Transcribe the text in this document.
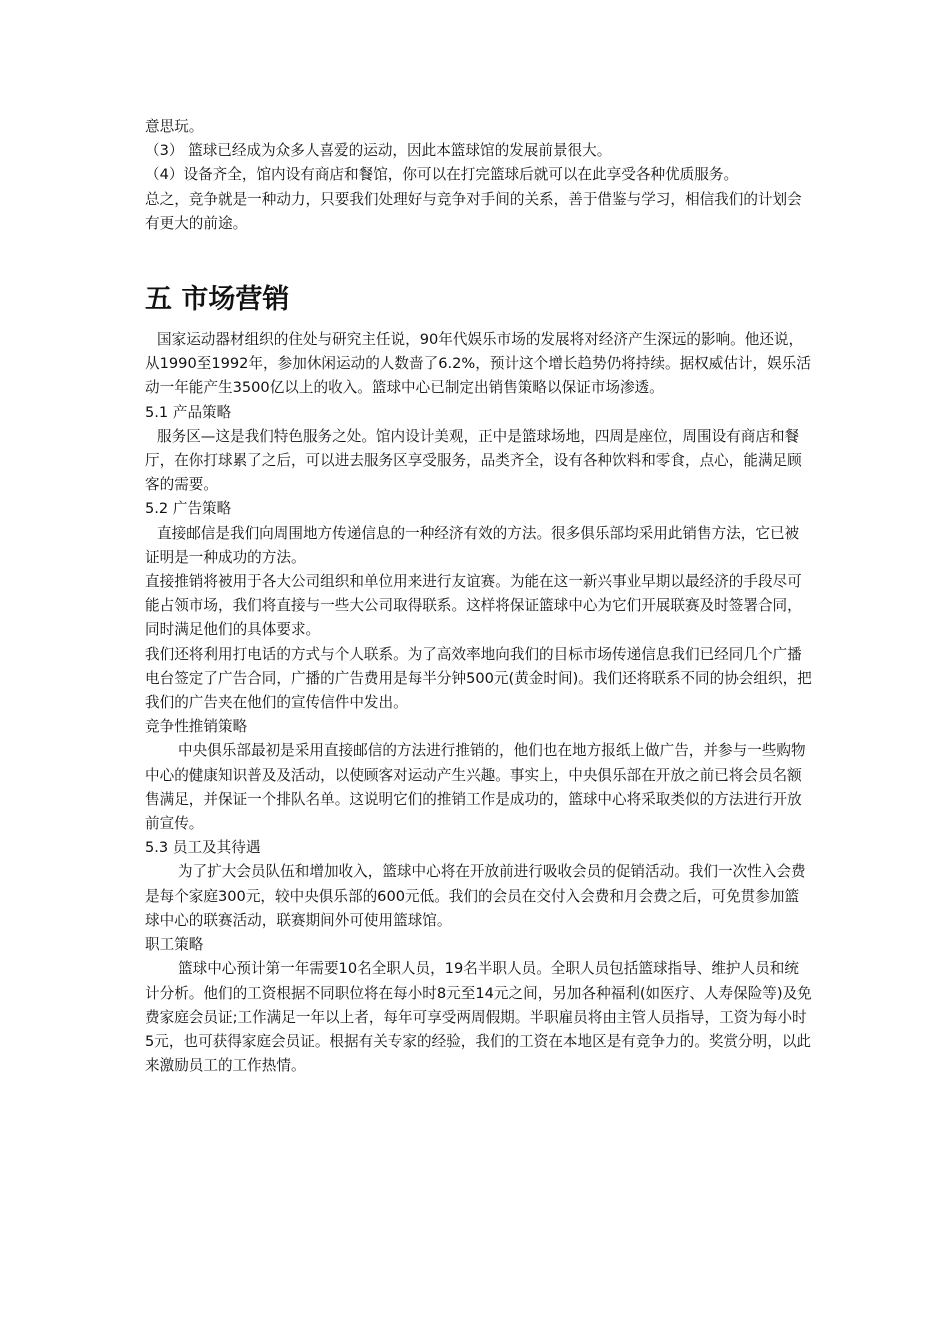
意思玩。

（3） 篮球已经成为众多人喜爱的运动，因此本篮球馆的发展前景很大。

（4）设备齐全，馆内设有商店和餐馆，你可以在打完篮球后就可以在此享受各种优质服务。

总之，竞争就是一种动力，只要我们处理好与竞争对手间的关系，善于借鉴与学习，相信我们的计划会有更大的前途。

五 市场营销

国家运动器材组织的住处与研究主任说，90年代娱乐市场的发展将对经济产生深远的影响。他还说，从1990至1992年，参加休闲运动的人数啬了6.2%，预计这个增长趋势仍将持续。据权威估计，娱乐活动一年能产生3500亿以上的收入。篮球中心已制定出销售策略以保证市场渗透。

5.1 产品策略

服务区—这是我们特色服务之处。馆内设计美观，正中是篮球场地，四周是座位，周围设有商店和餐厅，在你打球累了之后，可以进去服务区享受服务，品类齐全，设有各种饮料和零食，点心，能满足顾客的需要。

5.2 广告策略

直接邮信是我们向周围地方传递信息的一种经济有效的方法。很多俱乐部均采用此销售方法，它已被证明是一种成功的方法。

直接推销将被用于各大公司组织和单位用来进行友谊赛。为能在这一新兴事业早期以最经济的手段尽可能占领市场，我们将直接与一些大公司取得联系。这样将保证篮球中心为它们开展联赛及时签署合同，同时满足他们的具体要求。

我们还将利用打电话的方式与个人联系。为了高效率地向我们的目标市场传递信息我们已经同几个广播电台签定了广告合同，广播的广告费用是每半分钟500元(黄金时间)。我们还将联系不同的协会组织，把我们的广告夹在他们的宣传信件中发出。

竞争性推销策略

中央俱乐部最初是采用直接邮信的方法进行推销的，他们也在地方报纸上做广告，并参与一些购物中心的健康知识普及及活动，以使顾客对运动产生兴趣。事实上，中央俱乐部在开放之前已将会员名额售满足，并保证一个排队名单。这说明它们的推销工作是成功的，篮球中心将采取类似的方法进行开放前宣传。

5.3 员工及其待遇

为了扩大会员队伍和增加收入，篮球中心将在开放前进行吸收会员的促销活动。我们一次性入会费是每个家庭300元，较中央俱乐部的600元低。我们的会员在交付入会费和月会费之后，可免贯参加篮球中心的联赛活动，联赛期间外可使用篮球馆。

职工策略

篮球中心预计第一年需要10名全职人员，19名半职人员。全职人员包括篮球指导、维护人员和统计分析。他们的工资根据不同职位将在每小时8元至14元之间，另加各种福利(如医疗、人寿保险等)及免费家庭会员证;工作满足一年以上者，每年可享受两周假期。半职雇员将由主管人员指导，工资为每小时5元，也可获得家庭会员证。根据有关专家的经验，我们的工资在本地区是有竞争力的。奖赏分明，以此来激励员工的工作热情。
